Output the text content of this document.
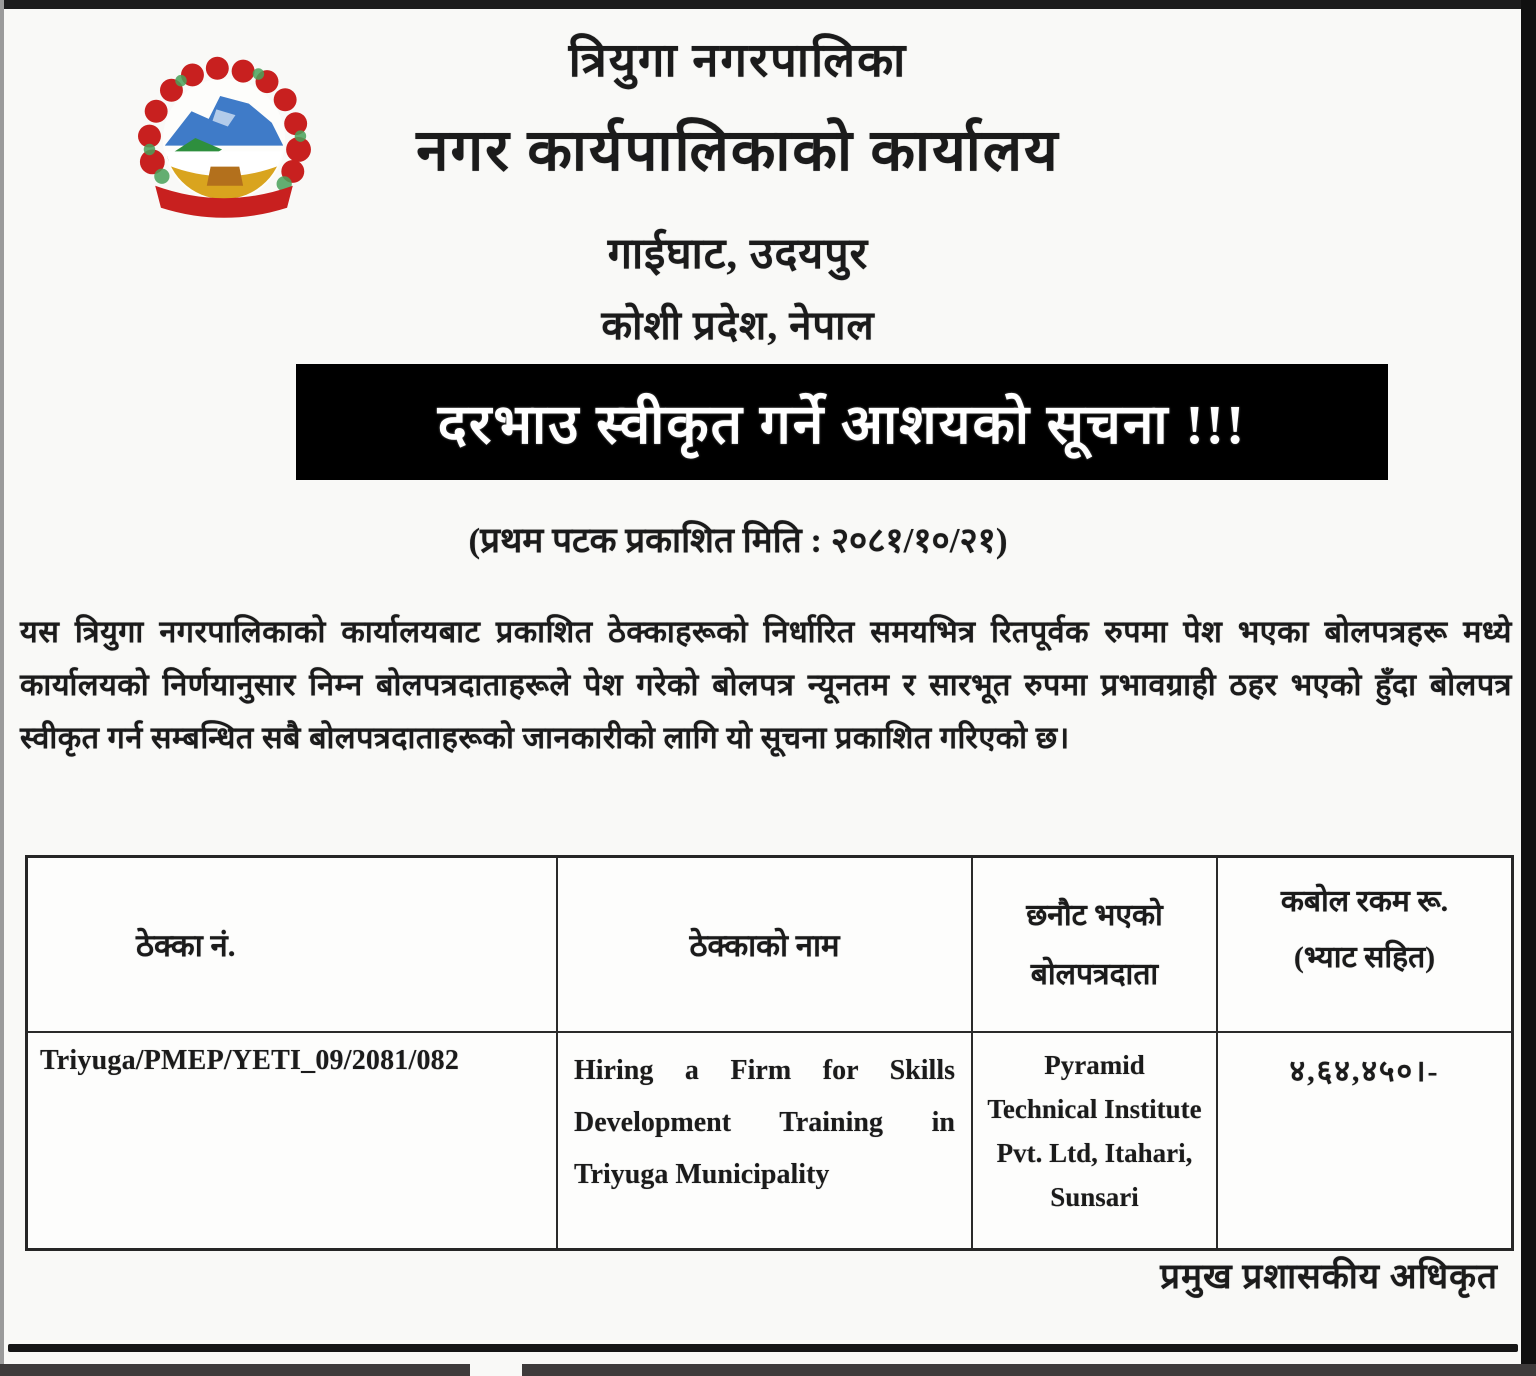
त्रियुगा नगरपालिका
नगर कार्यपालिकाको कार्यालय
गाईघाट, उदयपुर
कोशी प्रदेश, नेपाल
दरभाउ स्वीकृत गर्ने आशयको सूचना !!!
(प्रथम पटक प्रकाशित मिति : २०८१/१०/२१)
यस त्रियुगा नगरपालिकाको कार्यालयबाट प्रकाशित ठेक्काहरूको निर्धारित समयभित्र रितपूर्वक रुपमा पेश भएका बोलपत्रहरू मध्ये कार्यालयको निर्णयानुसार निम्न बोलपत्रदाताहरूले पेश गरेको बोलपत्र न्यूनतम र सारभूत रुपमा प्रभावग्राही ठहर भएको हुँदा बोलपत्र स्वीकृत गर्न सम्बन्धित सबै बोलपत्रदाताहरूको जानकारीको लागि यो सूचना प्रकाशित गरिएको छ।
ठेक्का नं.	ठेक्काको नाम
छनौट भएको बोलपत्रदाता
कबोल रकम रू.
(भ्याट सहित)
Triyuga/PMEP/YETI_09/2081/082	Hiring a Firm for Skills Development Training in Triyuga Municipality
Pyramid Technical Institute Pvt. Ltd, Itahari, Sunsari
४,६४,४५०।-
प्रमुख प्रशासकीय अधिकृत
